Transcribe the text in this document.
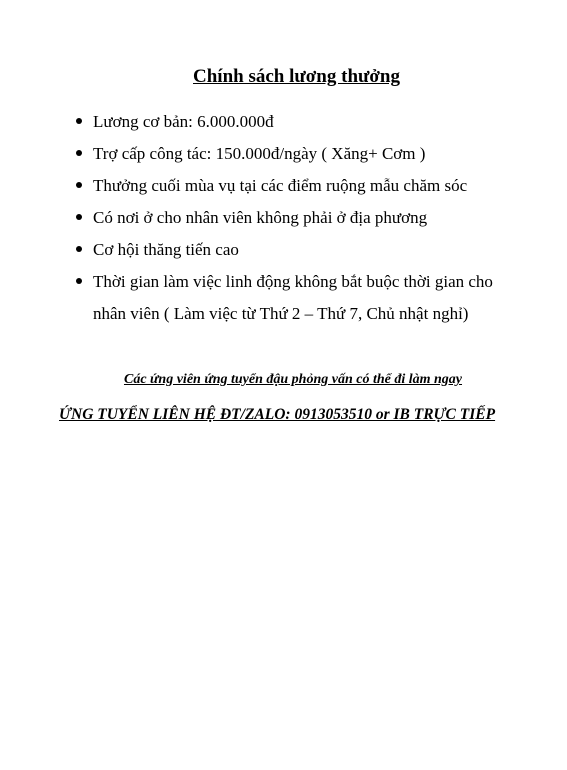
Chính sách lương thưởng
Lương cơ bản: 6.000.000đ
Trợ cấp công tác: 150.000đ/ngày ( Xăng+ Cơm )
Thưởng cuối mùa vụ tại các điểm ruộng mẫu chăm sóc
Có nơi ở cho nhân viên không phải ở địa phương
Cơ hội thăng tiến cao
Thời gian làm việc linh động không bắt buộc thời gian cho nhân viên ( Làm việc từ Thứ 2 – Thứ 7, Chủ nhật nghỉ)
Các ứng viên ứng tuyển đậu phỏng vấn có thể đi làm ngay
ỨNG TUYỂN LIÊN HỆ ĐT/ZALO: 0913053510 or IB TRỰC TIẾP
